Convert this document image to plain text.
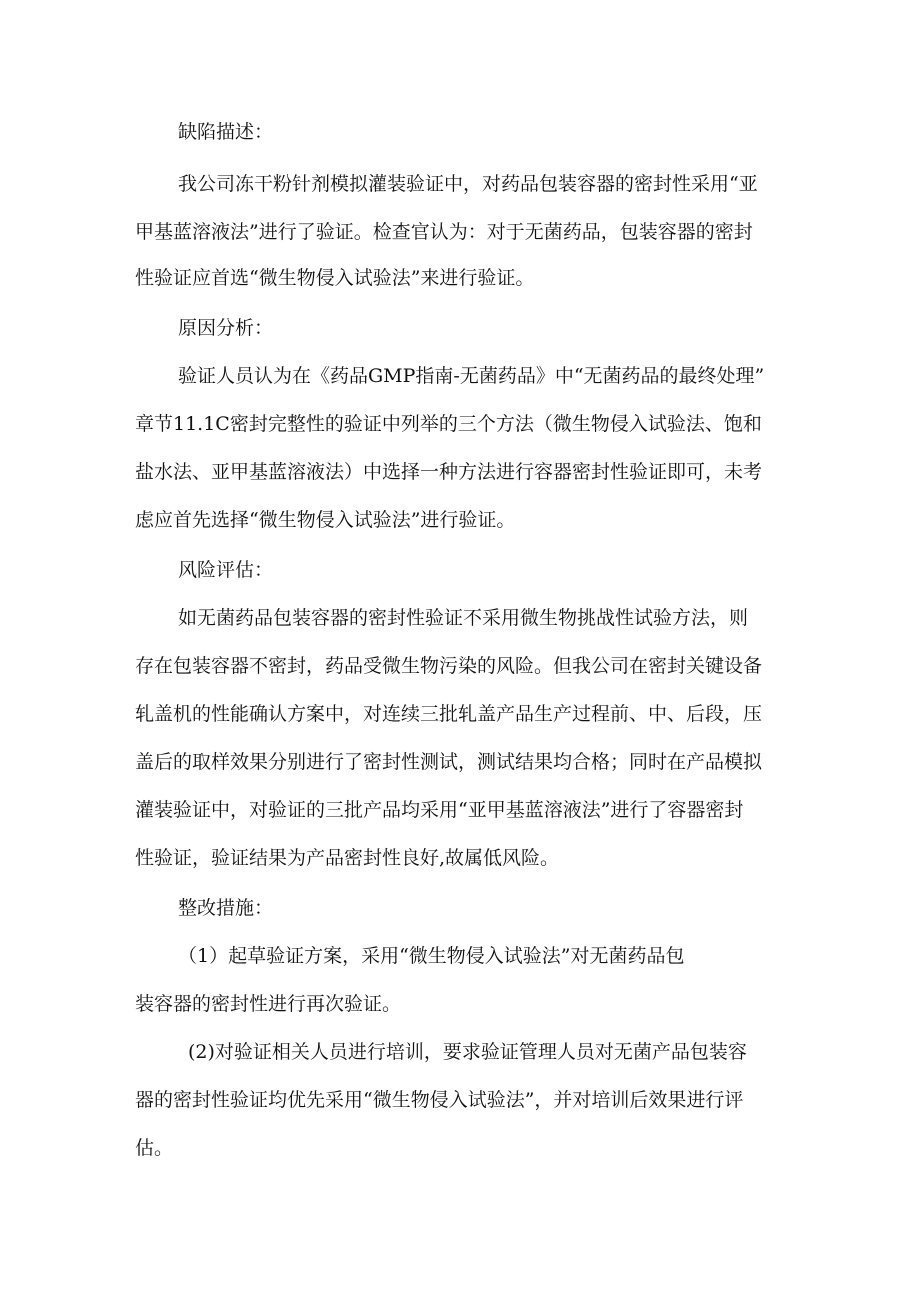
缺陷描述：
我公司冻干粉针剂模拟灌装验证中，对药品包装容器的密封性采用“亚
甲基蓝溶液法”进行了验证。检查官认为：对于无菌药品，包装容器的密封
性验证应首选“微生物侵入试验法”来进行验证。
原因分析：
验证人员认为在《药品GMP指南-无菌药品》中“无菌药品的最终处理”
章节11.1C密封完整性的验证中列举的三个方法（微生物侵入试验法、饱和
盐水法、亚甲基蓝溶液法）中选择一种方法进行容器密封性验证即可，未考
虑应首先选择“微生物侵入试验法”进行验证。
风险评估：
如无菌药品包装容器的密封性验证不采用微生物挑战性试验方法，则
存在包装容器不密封，药品受微生物污染的风险。但我公司在密封关键设备
轧盖机的性能确认方案中，对连续三批轧盖产品生产过程前、中、后段，压
盖后的取样效果分别进行了密封性测试，测试结果均合格；同时在产品模拟
灌装验证中，对验证的三批产品均采用“亚甲基蓝溶液法”进行了容器密封
性验证，验证结果为产品密封性良好,故属低风险。
整改措施：
（1）起草验证方案，采用“微生物侵入试验法”对无菌药品包
装容器的密封性进行再次验证。
(2)对验证相关人员进行培训，要求验证管理人员对无菌产品包装容
器的密封性验证均优先采用“微生物侵入试验法”，并对培训后效果进行评
估。
